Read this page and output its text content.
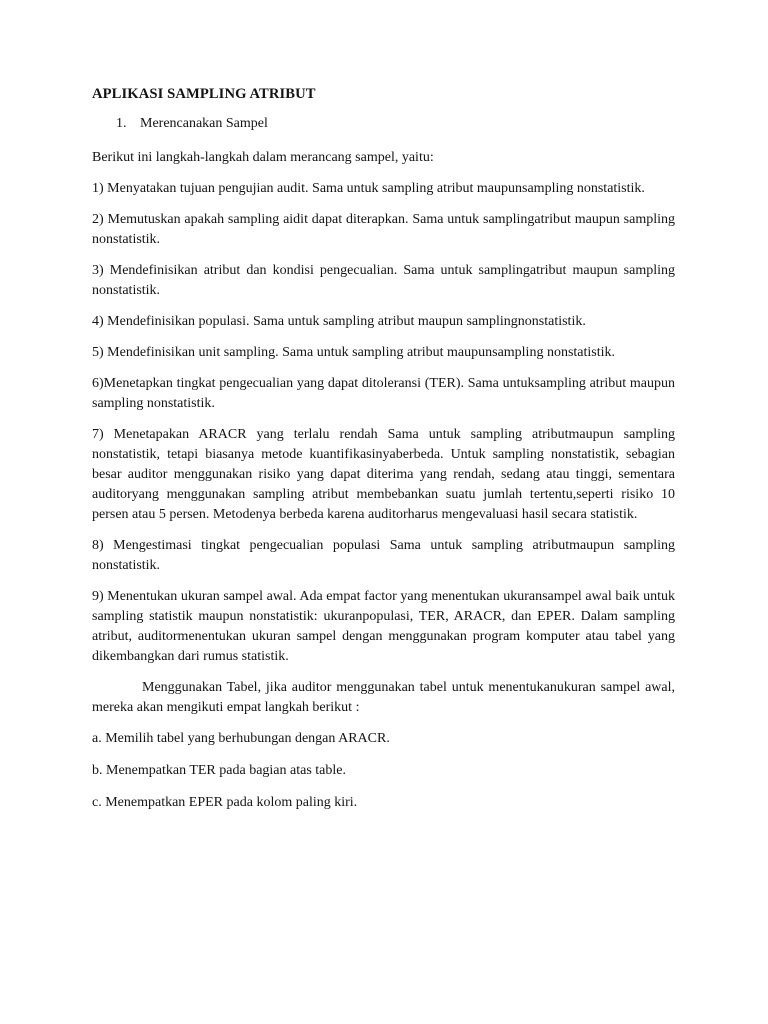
APLIKASI SAMPLING ATRIBUT
1. Merencanakan Sampel

Berikut ini langkah-langkah dalam merancang sampel, yaitu:

1) Menyatakan tujuan pengujian audit. Sama untuk sampling atribut maupunsampling nonstatistik.

2) Memutuskan apakah sampling aidit dapat diterapkan. Sama untuk samplingatribut maupun sampling nonstatistik.

3) Mendefinisikan atribut dan kondisi pengecualian. Sama untuk samplingatribut maupun sampling nonstatistik.

4) Mendefinisikan populasi. Sama untuk sampling atribut maupun samplingnonstatistik.

5) Mendefinisikan unit sampling. Sama untuk sampling atribut maupunsampling nonstatistik.

6)Menetapkan tingkat pengecualian yang dapat ditoleransi (TER). Sama untuksampling atribut maupun sampling nonstatistik.

7) Menetapakan ARACR yang terlalu rendah Sama untuk sampling atributmaupun sampling nonstatistik, tetapi biasanya metode kuantifikasinyaberbeda. Untuk sampling nonstatistik, sebagian besar auditor menggunakan risiko yang dapat diterima yang rendah, sedang atau tinggi, sementara auditoryang menggunakan sampling atribut membebankan suatu jumlah tertentu,seperti risiko 10 persen atau 5 persen. Metodenya berbeda karena auditorharus mengevaluasi hasil secara statistik.

8) Mengestimasi tingkat pengecualian populasi Sama untuk sampling atributmaupun sampling nonstatistik.

9) Menentukan ukuran sampel awal. Ada empat factor yang menentukan ukuransampel awal baik untuk sampling statistik maupun nonstatistik: ukuranpopulasi, TER, ARACR, dan EPER. Dalam sampling atribut, auditormenentukan ukuran sampel dengan menggunakan program komputer atau tabel yang dikembangkan dari rumus statistik.

Menggunakan Tabel, jika auditor menggunakan tabel untuk menentukanukuran sampel awal, mereka akan mengikuti empat langkah berikut :

a. Memilih tabel yang berhubungan dengan ARACR.

b. Menempatkan TER pada bagian atas table.

c. Menempatkan EPER pada kolom paling kiri.
